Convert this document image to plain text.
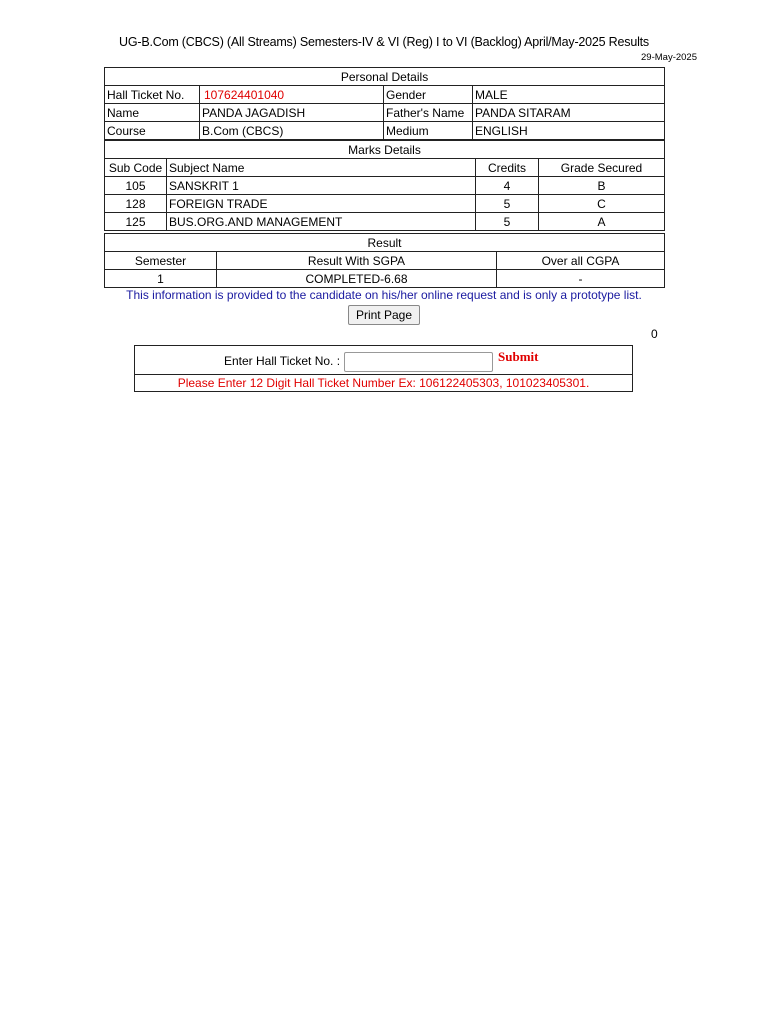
UG-B.Com (CBCS) (All Streams) Semesters-IV & VI (Reg) I to VI (Backlog) April/May-2025 Results
29-May-2025
Personal Details			
Hall Ticket No.	107624401040	Gender	MALE
Name	PANDA JAGADISH	Father's Name	PANDA SITARAM
Course	B.Com (CBCS)	Medium	ENGLISH
Marks Details			
Sub Code	Subject Name	Credits	Grade Secured
105	SANSKRIT 1	4	B
128	FOREIGN TRADE	5	C
125	BUS.ORG.AND MANAGEMENT	5	A
Result		
Semester	Result With SGPA	Over all CGPA
1	COMPLETED-6.68	-
This information is provided to the candidate on his/her online request and is only a prototype list.
Print Page
0
Enter Hall Ticket No. :	Submit
Please Enter 12 Digit Hall Ticket Number Ex: 106122405303, 101023405301.
